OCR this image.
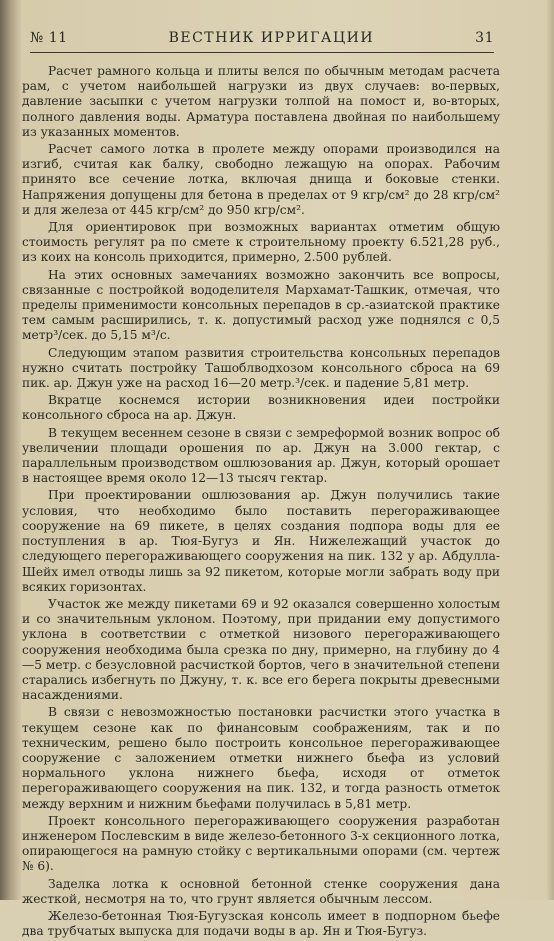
№ 11	ВЕСТНИК ИРРИГАЦИИ	31

Расчет рамного кольца и плиты велся по обычным методам расчета рам, с учетом наибольшей нагрузки из двух случаев: во-первых, давление засыпки с учетом нагрузки толпой на помост и, во-вторых, полного давления воды. Арматура поставлена двойная по наибольшему из указанных моментов.

Расчет самого лотка в пролете между опорами производился на изгиб, считая как балку, свободно лежащую на опорах. Рабочим принято все сечение лотка, включая днища и боковые стенки. Напряжения допущены для бетона в пределах от 9 кгр/см² до 28 кгр/см² и для железа от 445 кгр/см² до 950 кгр/см².

Для ориентировок при возможных вариантах отметим общую стоимость регулят ра по смете к строительному проекту 6.521,28 руб., из коих на консоль приходится, примерно, 2.500 рублей.

На этих основных замечаниях возможно закончить все вопросы, связанные с постройкой вододелителя Мархамат-Ташкик, отмечая, что пределы применимости консольных перепадов в ср.-азиатской практике тем самым расширились, т. к. допустимый расход уже поднялся с 0,5 метр³/сек. до 5,15 м³/с.

Следующим этапом развития строительства консольных перепадов нужно считать постройку Ташоблводхозом консольного сброса на 69 пик. ар. Джун уже на расход 16—20 метр.³/сек. и падение 5,81 метр.

Вкратце коснемся истории возникновения идеи постройки консольного сброса на ар. Джун.

В текущем весеннем сезоне в связи с земреформой возник вопрос об увеличении площади орошения по ар. Джун на 3.000 гектар, с параллельным производством ошлюзования ар. Джун, который орошает в настоящее время около 12—13 тысяч гектар.

При проектировании ошлюзования ар. Джун получились такие условия, что необходимо было поставить перегораживающее сооружение на 69 пикете, в целях создания подпора воды для ее поступления в ар. Тюя-Бугуз и Ян. Нижележащий участок до следующего перегораживающего сооружения на пик. 132 у ар. Абдулла-Шейх имел отводы лишь за 92 пикетом, которые могли забрать воду при всяких горизонтах.

Участок же между пикетами 69 и 92 оказался совершенно холостым и со значительным уклоном. Поэтому, при придании ему допустимого уклона в соответствии с отметкой низового перегораживающего сооружения необходима была срезка по дну, примерно, на глубину до 4—5 метр. с безусловной расчисткой бортов, чего в значительной степени старались избегнуть по Джуну, т. к. все его берега покрыты древесными насаждениями.

В связи с невозможностью постановки расчистки этого участка в текущем сезоне как по финансовым соображениям, так и по техническим, решено было построить консольное перегораживающее сооружение с заложением отметки нижнего бьефа из условий нормального уклона нижнего бьефа, исходя от отметок перегораживающего сооружения на пик. 132, и тогда разность отметок между верхним и нижним бьефами получилась в 5,81 метр.

Проект консольного перегораживающего сооружения разработан инженером Послевским в виде железо-бетонного 3-х секционного лотка, опирающегося на рамную стойку с вертикальными опорами (см. чертеж № 6).

Заделка лотка к основной бетонной стенке сооружения дана жесткой, несмотря на то, что грунт является обычным лессом.

Железо-бетонная Тюя-Бугузская консоль имеет в подпорном бьефе два трубчатых выпуска для подачи воды в ар. Ян и Тюя-Бугуз.
